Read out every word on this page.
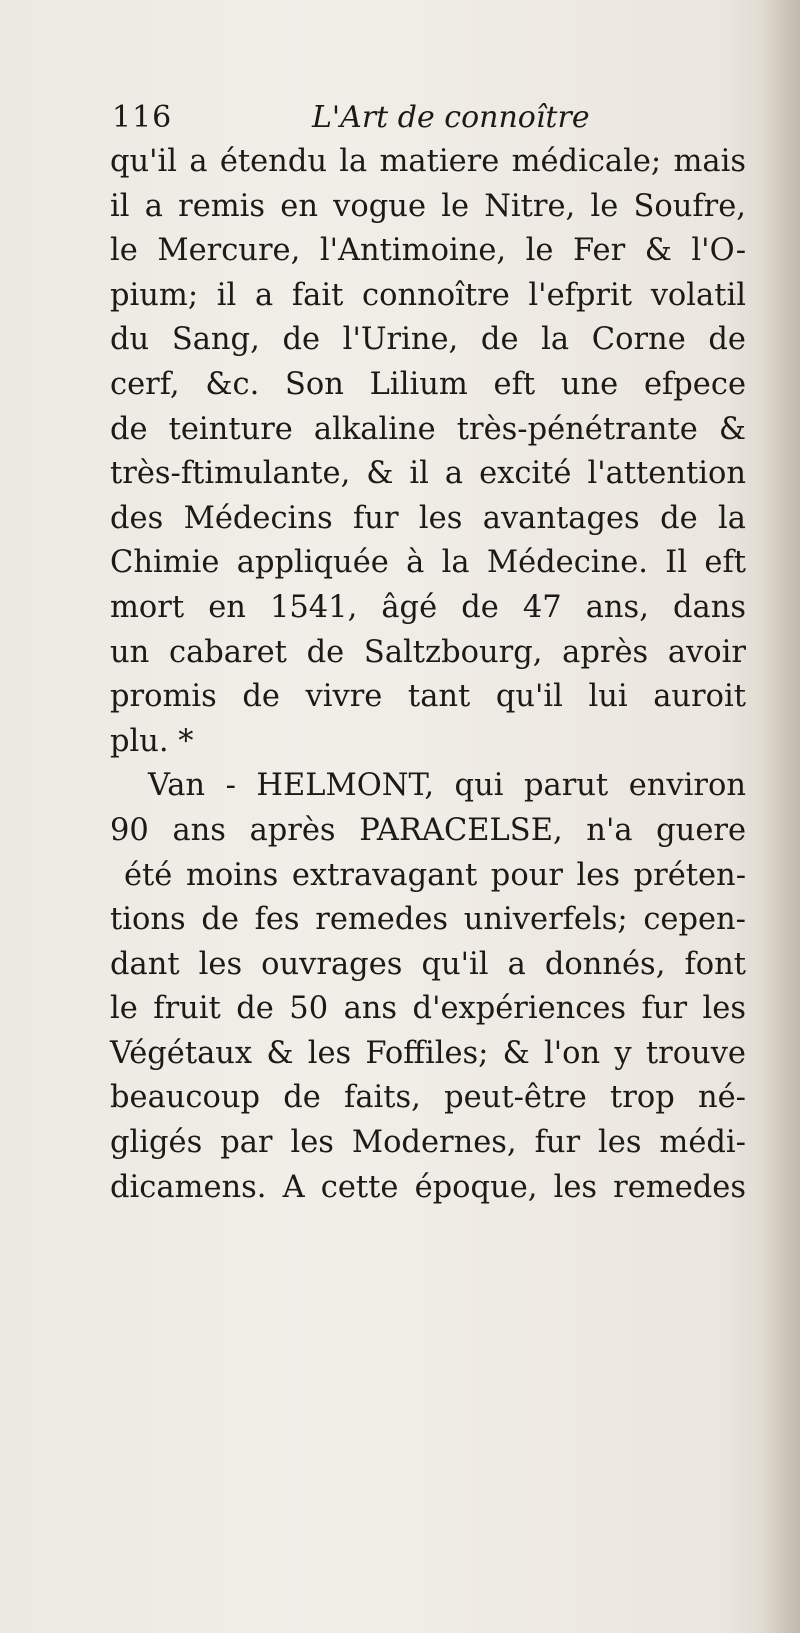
116	L'Art de connoître
qu'il a étendu la matiere médicale; mais
il a remis en vogue le Nitre, le Soufre,
le Mercure, l'Antimoine, le Fer & l'O-
pium; il a fait connoître l'efprit volatil
du Sang, de l'Urine, de la Corne de
cerf, &c. Son Lilium eft une efpece
de teinture alkaline très-pénétrante &
très-ftimulante, & il a excité l'attention
des Médecins fur les avantages de la
Chimie appliquée à la Médecine. Il eft
mort en 1541, âgé de 47 ans, dans
un cabaret de Saltzbourg, après avoir
promis de vivre tant qu'il lui auroit
plu. *
Van - HELMONT, qui parut environ
90 ans après PARACELSE, n'a guere
été moins extravagant pour les préten-
tions de fes remedes univerfels; cepen-
dant les ouvrages qu'il a donnés, font
le fruit de 50 ans d'expériences fur les
Végétaux & les Foffiles; & l'on y trouve
beaucoup de faits, peut-être trop né-
gligés par les Modernes, fur les médi-
dicamens. A cette époque, les remedes
